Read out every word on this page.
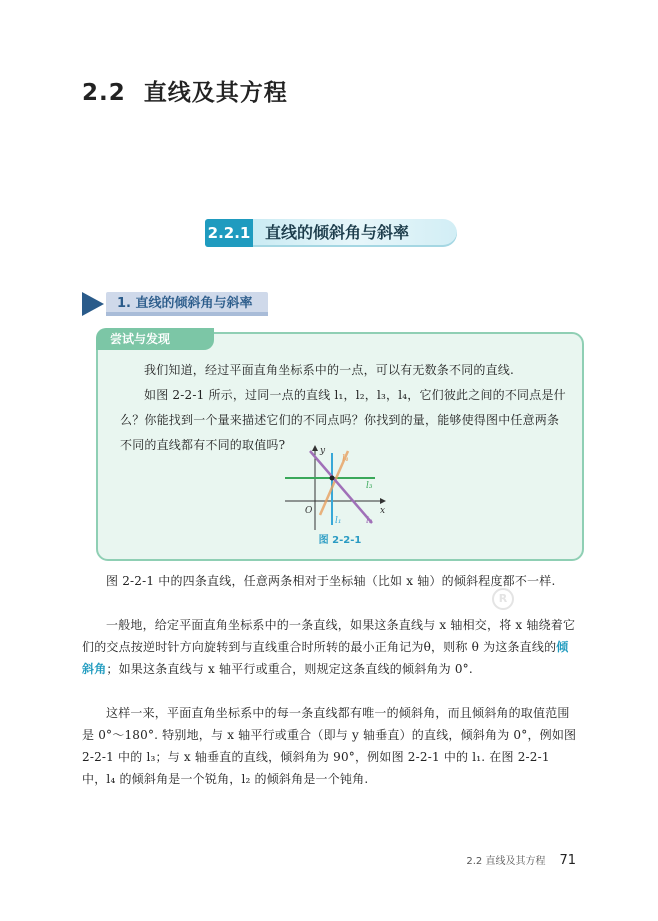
2.2 直线及其方程
2.2.1 直线的倾斜角与斜率
1. 直线的倾斜角与斜率
尝试与发现
我们知道，经过平面直角坐标系中的一点，可以有无数条不同的直线.
如图 2-2-1 所示，过同一点的直线 l₁，l₂，l₃，l₄，它们彼此之间的不同点是什么？你能找到一个量来描述它们的不同点吗？你找到的量，能够使得图中任意两条不同的直线都有不同的取值吗?	y
x
O
l₁	l₂
l₃
l₄
图 2-2-1
R
图 2-2-1 中的四条直线，任意两条相对于坐标轴（比如 x 轴）的倾斜程度都不一样.
一般地，给定平面直角坐标系中的一条直线，如果这条直线与 x 轴相交，将 x 轴绕着它们的交点按逆时针方向旋转到与直线重合时所转的最小正角记为θ，则称 θ 为这条直线的倾斜角；如果这条直线与 x 轴平行或重合，则规定这条直线的倾斜角为 0°.
这样一来，平面直角坐标系中的每一条直线都有唯一的倾斜角，而且倾斜角的取值范围是 0°～180°. 特别地，与 x 轴平行或重合（即与 y 轴垂直）的直线，倾斜角为 0°，例如图 2-2-1 中的 l₃；与 x 轴垂直的直线，倾斜角为 90°，例如图 2-2-1 中的 l₁. 在图 2-2-1 中，l₄ 的倾斜角是一个锐角，l₂ 的倾斜角是一个钝角.
2.2 直线及其方程 71
